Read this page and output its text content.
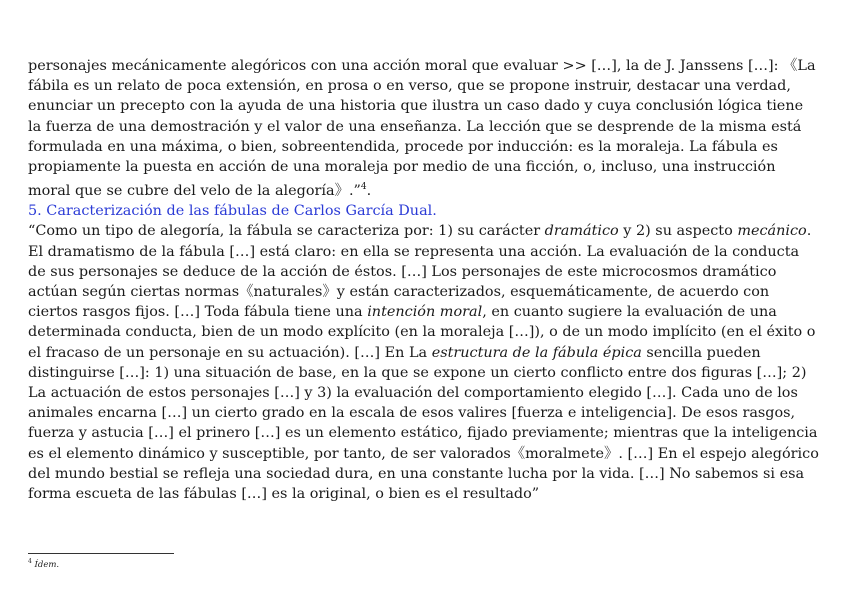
personajes mecánicamente alegóricos con una acción moral que evaluar >> […], la de J. Janssens […]: 《La fábila es un relato de poca extensión, en prosa o en verso, que se propone instruir, destacar una verdad, enunciar un precepto con la ayuda de una historia que ilustra un caso dado y cuya conclusión lógica tiene la fuerza de una demostración y el valor de una enseñanza. La lección que se desprende de la misma está formulada en una máxima, o bien, sobreentendida, procede por inducción: es la moraleja. La fábula es propiamente la puesta en acción de una moraleja por medio de una ficción, o, incluso, una instrucción moral que se cubre del velo de la alegoría》.”$^4$.

5. Caracterización de las fábulas de Carlos García Dual.

“Como un tipo de alegoría, la fábula se caracteriza por: 1) su carácter dramático y 2) su aspecto mecánico. El dramatismo de la fábula […] está claro: en ella se representa una acción. La evaluación de la conducta de sus personajes se deduce de la acción de éstos. […] Los personajes de este microcosmos dramático actúan según ciertas normas《naturales》y están caracterizados, esquemáticamente, de acuerdo con ciertos rasgos fijos. […] Toda fábula tiene una intención moral, en cuanto sugiere la evaluación de una determinada conducta, bien de un modo explícito (en la moraleja […]), o de un modo implícito (en el éxito o el fracaso de un personaje en su actuación). […] En La estructura de la fábula épica sencilla pueden distinguirse […]: 1) una situación de base, en la que se expone un cierto conflicto entre dos figuras […]; 2) La actuación de estos personajes […] y 3) la evaluación del comportamiento elegido […]. Cada uno de los animales encarna […] un cierto grado en la escala de esos valires [fuerza e inteligencia]. De esos rasgos, fuerza y astucia […] el prinero […] es un elemento estático, fijado previamente; mientras que la inteligencia es el elemento dinámico y susceptible, por tanto, de ser valorados《moralmete》. […] En el espejo alegórico del mundo bestial se refleja una sociedad dura, en una constante lucha por la vida. […] No sabemos si esa forma escueta de las fábulas […] es la original, o bien es el resultado”

$^4$ Ídem.
